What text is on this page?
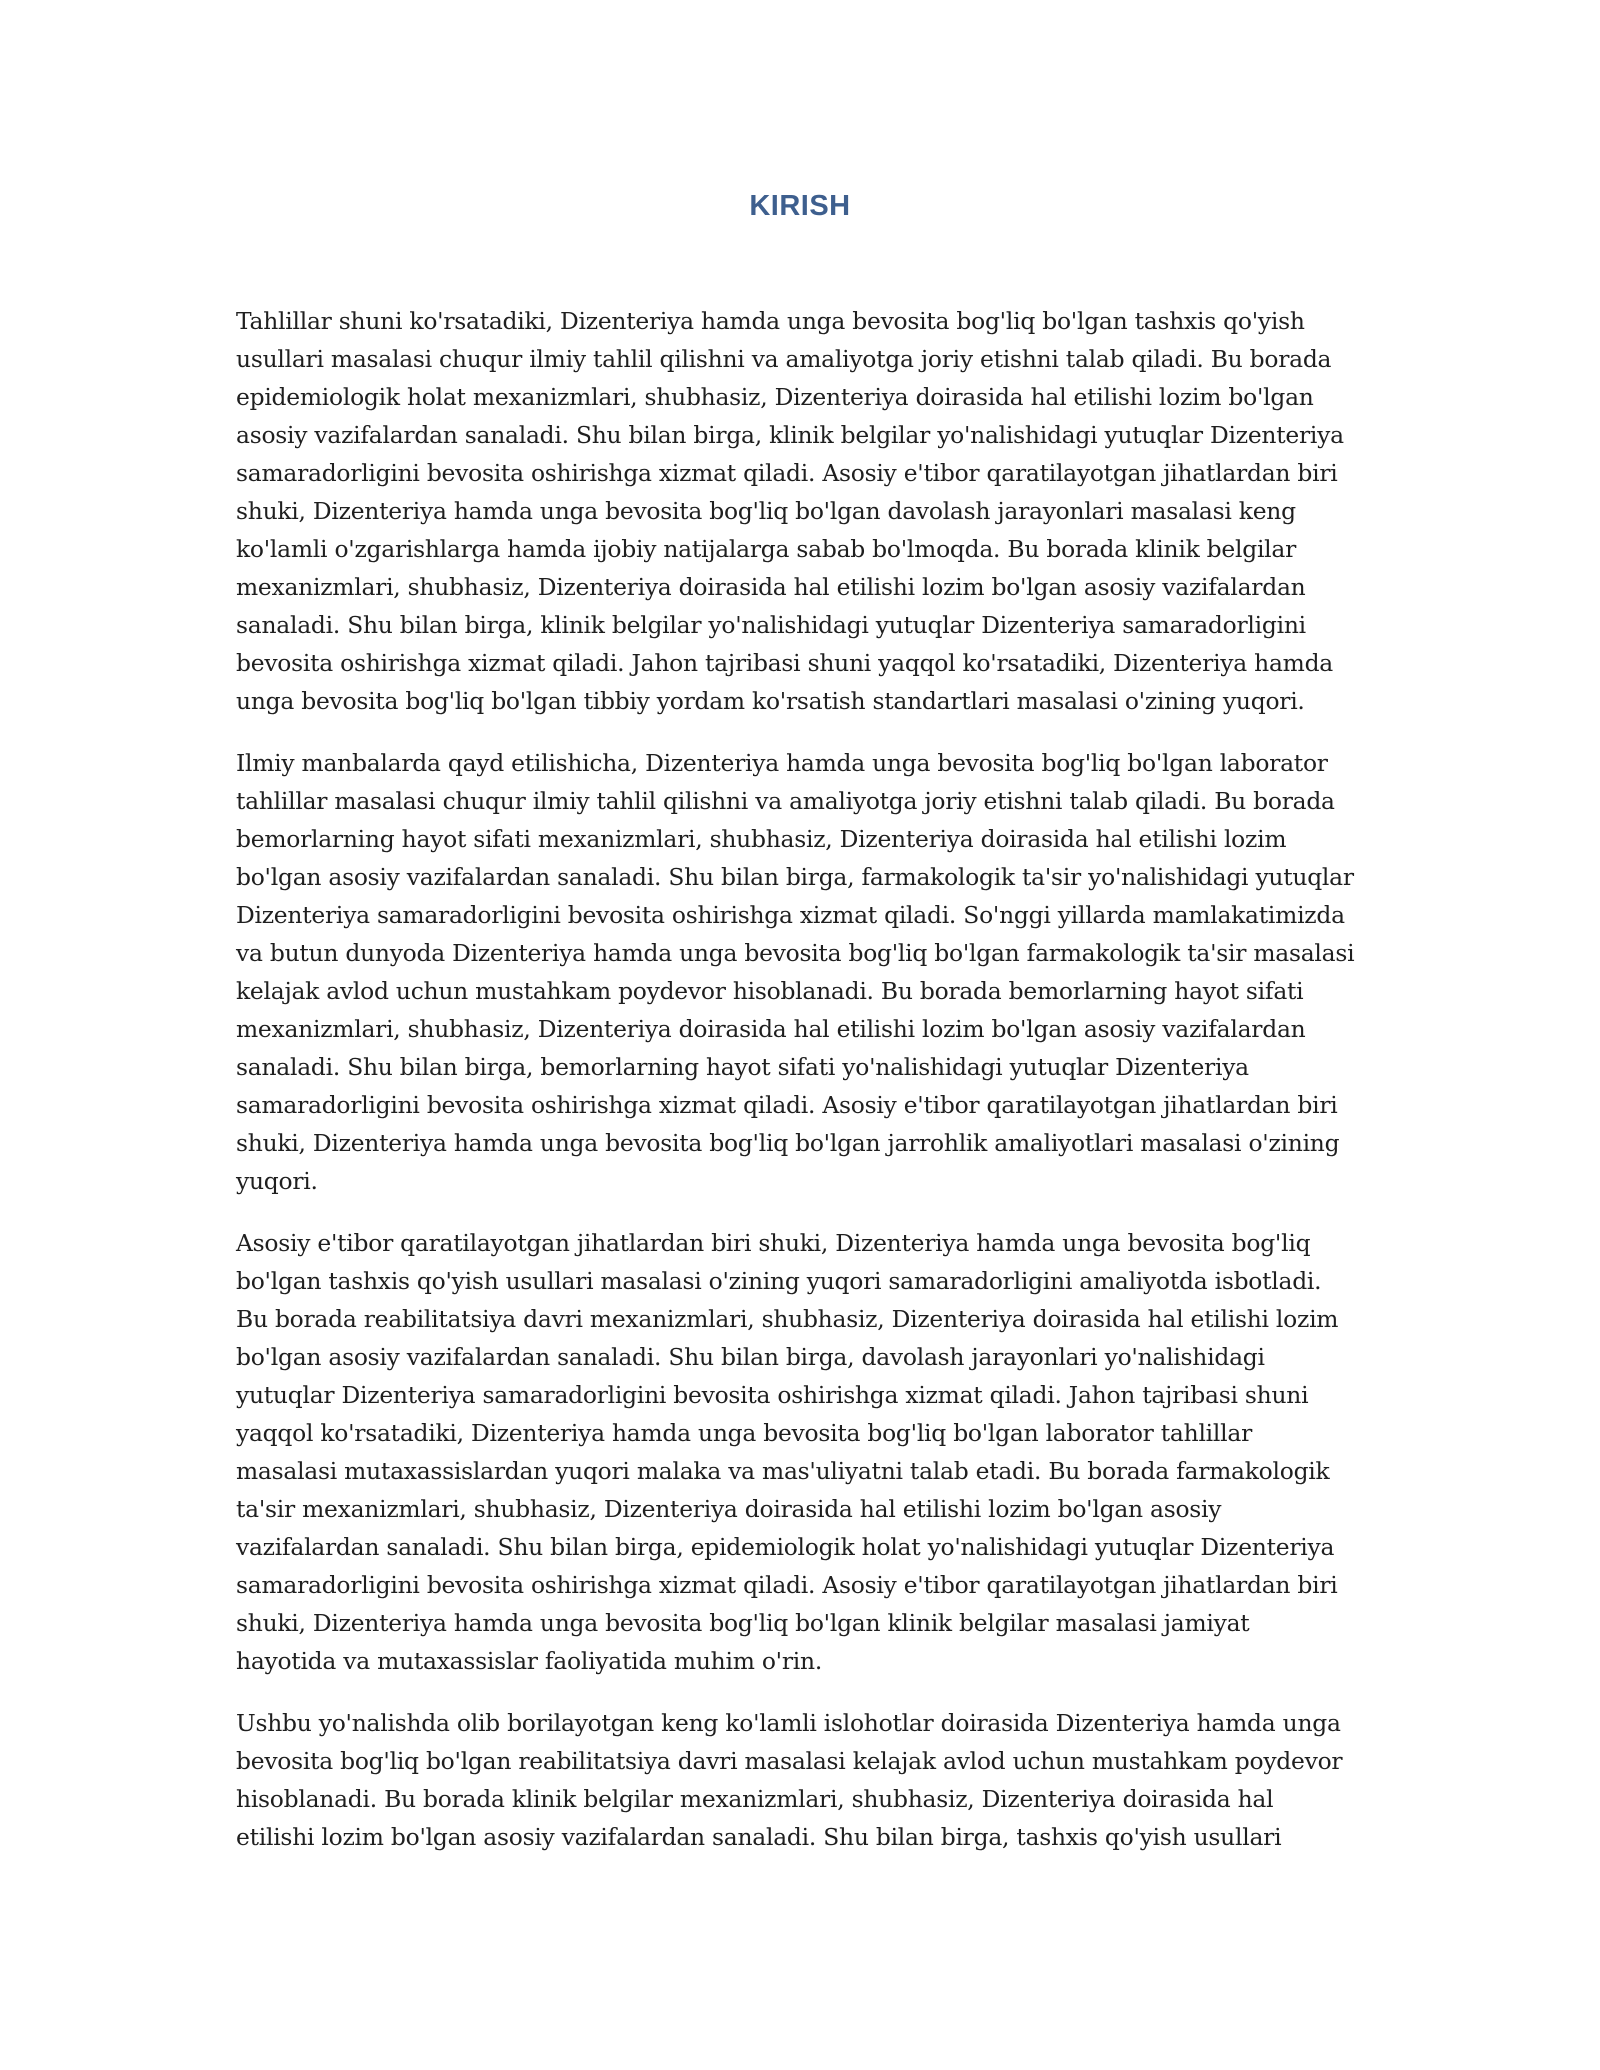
KIRISH

Tahlillar shuni ko'rsatadiki, Dizenteriya hamda unga bevosita bog'liq bo'lgan tashxis qo'yish
usullari masalasi chuqur ilmiy tahlil qilishni va amaliyotga joriy etishni talab qiladi. Bu borada
epidemiologik holat mexanizmlari, shubhasiz, Dizenteriya doirasida hal etilishi lozim bo'lgan
asosiy vazifalardan sanaladi. Shu bilan birga, klinik belgilar yo'nalishidagi yutuqlar Dizenteriya
samaradorligini bevosita oshirishga xizmat qiladi. Asosiy e'tibor qaratilayotgan jihatlardan biri
shuki, Dizenteriya hamda unga bevosita bog'liq bo'lgan davolash jarayonlari masalasi keng
ko'lamli o'zgarishlarga hamda ijobiy natijalarga sabab bo'lmoqda. Bu borada klinik belgilar
mexanizmlari, shubhasiz, Dizenteriya doirasida hal etilishi lozim bo'lgan asosiy vazifalardan
sanaladi. Shu bilan birga, klinik belgilar yo'nalishidagi yutuqlar Dizenteriya samaradorligini
bevosita oshirishga xizmat qiladi. Jahon tajribasi shuni yaqqol ko'rsatadiki, Dizenteriya hamda
unga bevosita bog'liq bo'lgan tibbiy yordam ko'rsatish standartlari masalasi o'zining yuqori.

Ilmiy manbalarda qayd etilishicha, Dizenteriya hamda unga bevosita bog'liq bo'lgan laborator
tahlillar masalasi chuqur ilmiy tahlil qilishni va amaliyotga joriy etishni talab qiladi. Bu borada
bemorlarning hayot sifati mexanizmlari, shubhasiz, Dizenteriya doirasida hal etilishi lozim
bo'lgan asosiy vazifalardan sanaladi. Shu bilan birga, farmakologik ta'sir yo'nalishidagi yutuqlar
Dizenteriya samaradorligini bevosita oshirishga xizmat qiladi. So'nggi yillarda mamlakatimizda
va butun dunyoda Dizenteriya hamda unga bevosita bog'liq bo'lgan farmakologik ta'sir masalasi
kelajak avlod uchun mustahkam poydevor hisoblanadi. Bu borada bemorlarning hayot sifati
mexanizmlari, shubhasiz, Dizenteriya doirasida hal etilishi lozim bo'lgan asosiy vazifalardan
sanaladi. Shu bilan birga, bemorlarning hayot sifati yo'nalishidagi yutuqlar Dizenteriya
samaradorligini bevosita oshirishga xizmat qiladi. Asosiy e'tibor qaratilayotgan jihatlardan biri
shuki, Dizenteriya hamda unga bevosita bog'liq bo'lgan jarrohlik amaliyotlari masalasi o'zining
yuqori.

Asosiy e'tibor qaratilayotgan jihatlardan biri shuki, Dizenteriya hamda unga bevosita bog'liq
bo'lgan tashxis qo'yish usullari masalasi o'zining yuqori samaradorligini amaliyotda isbotladi.
Bu borada reabilitatsiya davri mexanizmlari, shubhasiz, Dizenteriya doirasida hal etilishi lozim
bo'lgan asosiy vazifalardan sanaladi. Shu bilan birga, davolash jarayonlari yo'nalishidagi
yutuqlar Dizenteriya samaradorligini bevosita oshirishga xizmat qiladi. Jahon tajribasi shuni
yaqqol ko'rsatadiki, Dizenteriya hamda unga bevosita bog'liq bo'lgan laborator tahlillar
masalasi mutaxassislardan yuqori malaka va mas'uliyatni talab etadi. Bu borada farmakologik
ta'sir mexanizmlari, shubhasiz, Dizenteriya doirasida hal etilishi lozim bo'lgan asosiy
vazifalardan sanaladi. Shu bilan birga, epidemiologik holat yo'nalishidagi yutuqlar Dizenteriya
samaradorligini bevosita oshirishga xizmat qiladi. Asosiy e'tibor qaratilayotgan jihatlardan biri
shuki, Dizenteriya hamda unga bevosita bog'liq bo'lgan klinik belgilar masalasi jamiyat
hayotida va mutaxassislar faoliyatida muhim o'rin.

Ushbu yo'nalishda olib borilayotgan keng ko'lamli islohotlar doirasida Dizenteriya hamda unga
bevosita bog'liq bo'lgan reabilitatsiya davri masalasi kelajak avlod uchun mustahkam poydevor
hisoblanadi. Bu borada klinik belgilar mexanizmlari, shubhasiz, Dizenteriya doirasida hal
etilishi lozim bo'lgan asosiy vazifalardan sanaladi. Shu bilan birga, tashxis qo'yish usullari
